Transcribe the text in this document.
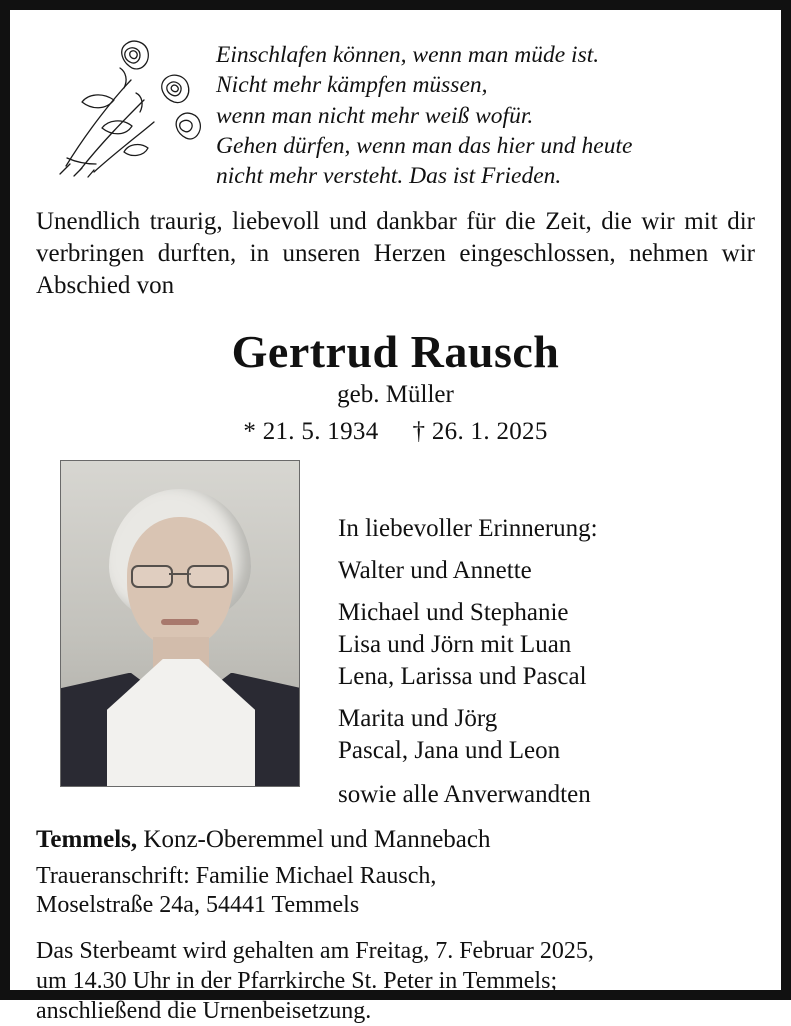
Einschlafen können, wenn man müde ist.
Nicht mehr kämpfen müssen,
wenn man nicht mehr weiß wofür.
Gehen dürfen, wenn man das hier und heute
nicht mehr versteht. Das ist Frieden.
Unendlich traurig, liebevoll und dankbar für die Zeit, die wir mit dir verbringen durften, in unseren Herzen eingeschlossen, nehmen wir Abschied von
Gertrud Rausch
geb. Müller
* 21. 5. 1934 † 26. 1. 2025
In liebevoller Erinnerung:
Walter und Annette
Michael und Stephanie
Lisa und Jörn mit Luan
Lena, Larissa und Pascal
Marita und Jörg
Pascal, Jana und Leon
sowie alle Anverwandten
Temmels, Konz-Oberemmel und Mannebach
Traueranschrift: Familie Michael Rausch,
Moselstraße 24a, 54441 Temmels
Das Sterbeamt wird gehalten am Freitag, 7. Februar 2025,
um 14.30 Uhr in der Pfarrkirche St. Peter in Temmels;
anschließend die Urnenbeisetzung.
